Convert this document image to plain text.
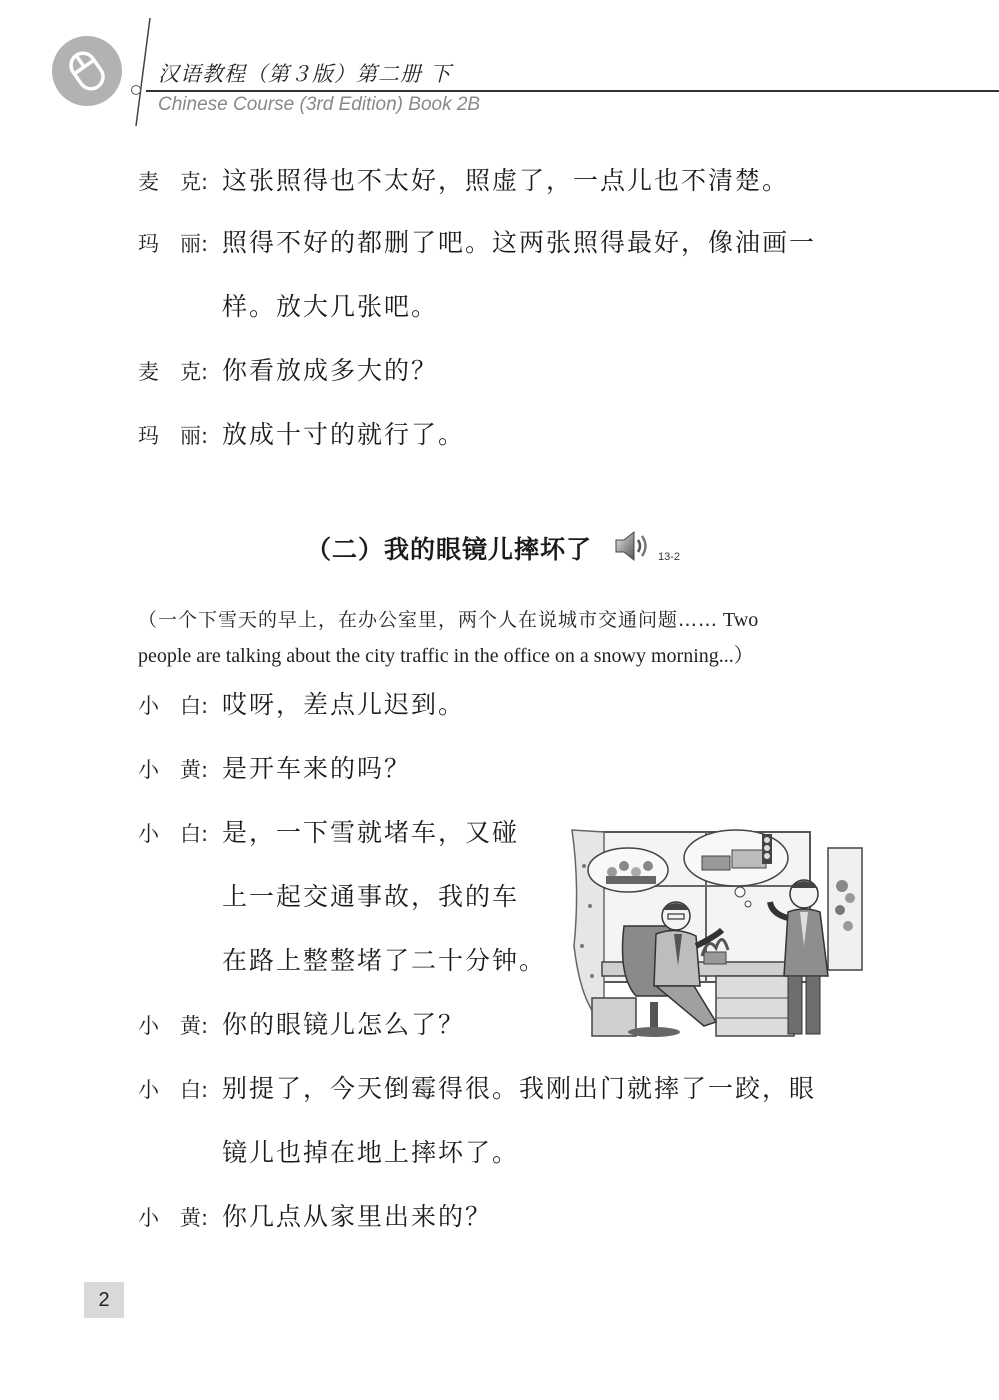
汉语教程（第３版）第二册 下
Chinese Course (3rd Edition) Book 2B
麦 克: 这张照得也不太好，照虚了，一点儿也不清楚。
玛 丽: 照得不好的都删了吧。这两张照得最好，像油画一
样。放大几张吧。
麦 克: 你看放成多大的？
玛 丽: 放成十寸的就行了。
（二）我的眼镜儿摔坏了	13-2
（一个下雪天的早上，在办公室里，两个人在说城市交通问题…… Two
people are talking about the city traffic in the office on a snowy morning...）
小 白: 哎呀，差点儿迟到。
小 黄: 是开车来的吗？
小 白: 是，一下雪就堵车，又碰
上一起交通事故，我的车
在路上整整堵了二十分钟。
小 黄: 你的眼镜儿怎么了？
小 白: 别提了，今天倒霉得很。我刚出门就摔了一跤，眼
镜儿也掉在地上摔坏了。
小 黄: 你几点从家里出来的？
2
